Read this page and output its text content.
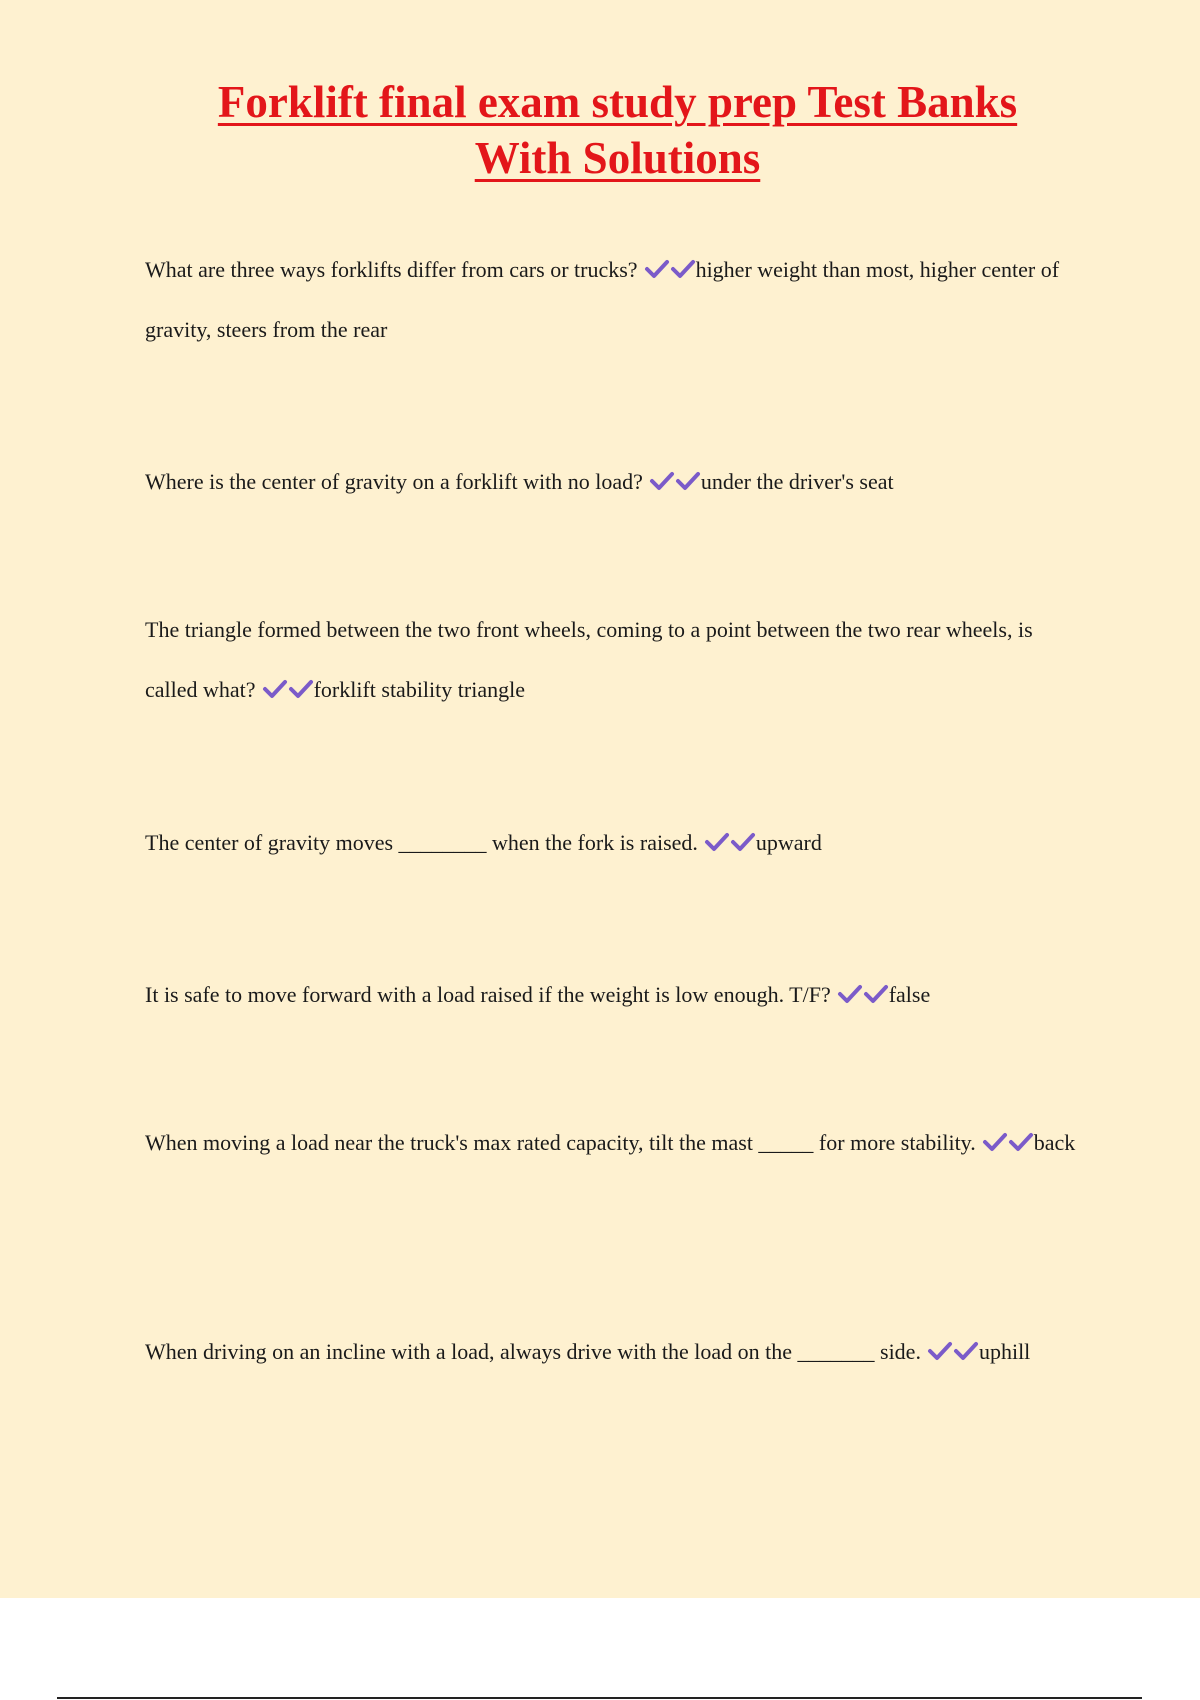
Forklift final exam study prep Test Banks
With Solutions

What are three ways forklifts differ from cars or trucks?	higher weight than most, higher center of gravity, steers from the rear

Where is the center of gravity on a forklift with no load?	under the driver's seat

The triangle formed between the two front wheels, coming to a point between the two rear wheels, is called what?	forklift stability triangle

The center of gravity moves ________ when the fork is raised.	upward

It is safe to move forward with a load raised if the weight is low enough. T/F?	false

When moving a load near the truck's max rated capacity, tilt the mast _____ for more stability.	back

When driving on an incline with a load, always drive with the load on the _______ side.	uphill
